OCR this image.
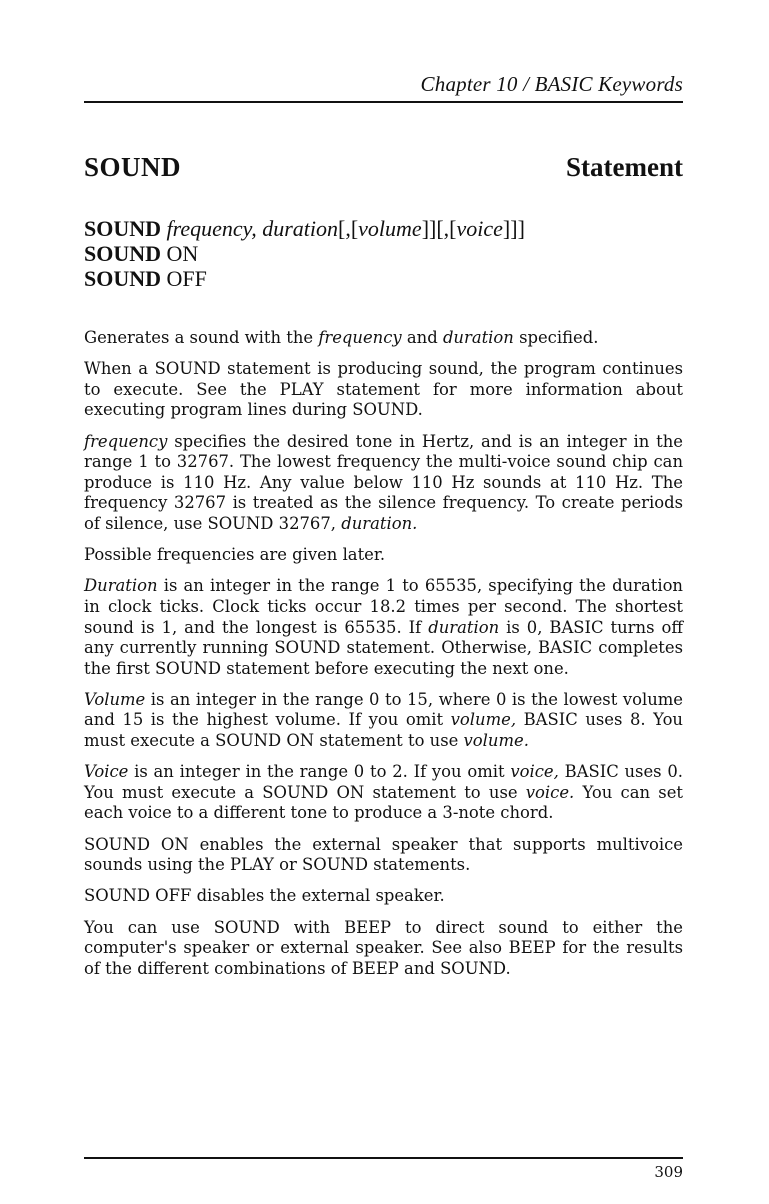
Chapter 10 / BASIC Keywords
SOUND	Statement
SOUND frequency, duration[,[volume]][,[voice]]]
SOUND ON
SOUND OFF

Generates a sound with the frequency and duration specified.

When a SOUND statement is producing sound, the program continues to execute. See the PLAY statement for more information about executing program lines during SOUND.

frequency specifies the desired tone in Hertz, and is an integer in the range 1 to 32767. The lowest frequency the multi-voice sound chip can produce is 110 Hz. Any value below 110 Hz sounds at 110 Hz. The frequency 32767 is treated as the silence frequency. To create periods of silence, use SOUND 32767, duration.

Possible frequencies are given later.

Duration is an integer in the range 1 to 65535, specifying the duration in clock ticks. Clock ticks occur 18.2 times per second. The shortest sound is 1, and the longest is 65535. If duration is 0, BASIC turns off any currently running SOUND statement. Otherwise, BASIC completes the first SOUND statement before executing the next one.

Volume is an integer in the range 0 to 15, where 0 is the lowest volume and 15 is the highest volume. If you omit volume, BASIC uses 8. You must execute a SOUND ON statement to use volume.

Voice is an integer in the range 0 to 2. If you omit voice, BASIC uses 0. You must execute a SOUND ON statement to use voice. You can set each voice to a different tone to produce a 3-note chord.

SOUND ON enables the external speaker that supports multivoice sounds using the PLAY or SOUND statements.

SOUND OFF disables the external speaker.

You can use SOUND with BEEP to direct sound to either the computer's speaker or external speaker. See also BEEP for the results of the different combinations of BEEP and SOUND.

309
